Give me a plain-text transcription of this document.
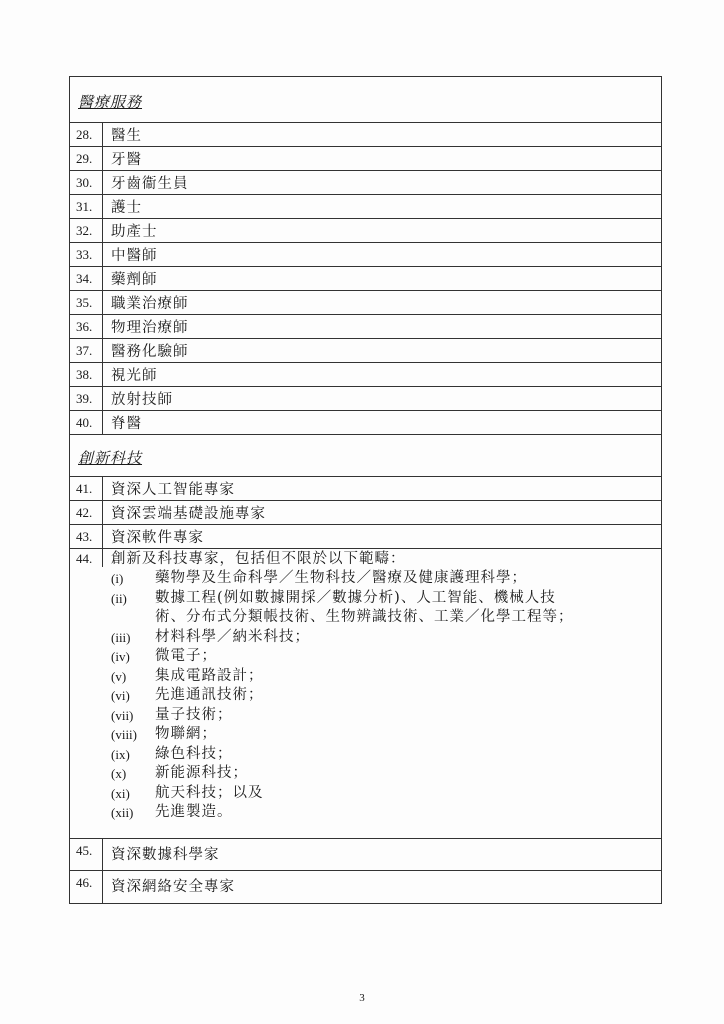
醫療服務
28.	醫生
29.	牙醫
30.	牙齒衞生員
31.	護士
32.	助產士
33.	中醫師
34.	藥劑師
35.	職業治療師
36.	物理治療師
37.	醫務化驗師
38.	視光師
39.	放射技師
40.	脊醫
創新科技
41.	資深人工智能專家
42.	資深雲端基礎設施專家
43.	資深軟件專家
44.	創新及科技專家，包括但不限於以下範疇：
(i)	藥物學及生命科學／生物科技／醫療及健康護理科學；
(ii)	數據工程(例如數據開採／數據分析)、人工智能、機械人技
術、分布式分類帳技術、生物辨識技術、工業／化學工程等；
(iii)	材料科學／納米科技；
(iv)	微電子；
(v)	集成電路設計；
(vi)	先進通訊技術；
(vii)	量子技術；
(viii)	物聯網；
(ix)	綠色科技；
(x)	新能源科技；
(xi)	航天科技；以及
(xii)	先進製造。
45.	資深數據科學家
46.	資深網絡安全專家
3
